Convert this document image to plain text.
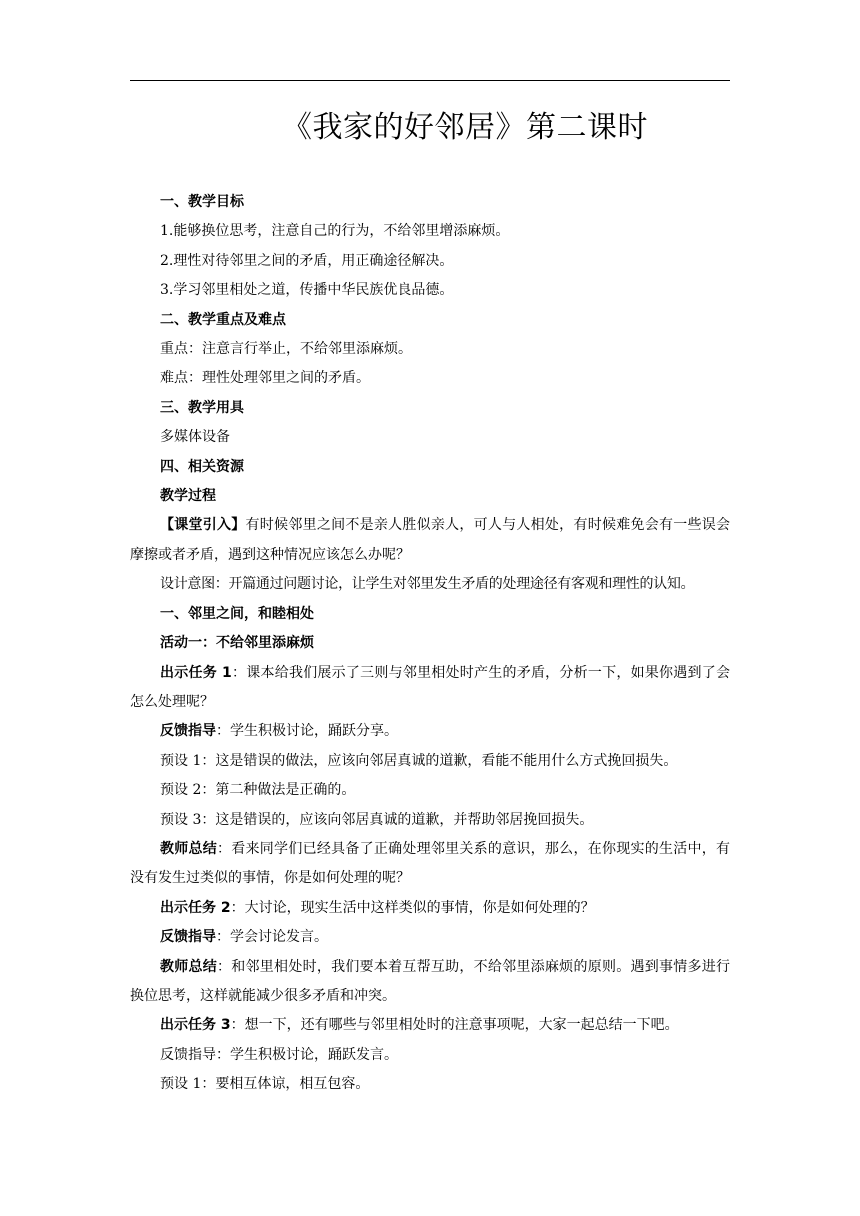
《我家的好邻居》第二课时

一、教学目标

1.能够换位思考，注意自己的行为，不给邻里增添麻烦。

2.理性对待邻里之间的矛盾，用正确途径解决。

3.学习邻里相处之道，传播中华民族优良品德。

二、教学重点及难点

重点：注意言行举止，不给邻里添麻烦。

难点：理性处理邻里之间的矛盾。

三、教学用具

多媒体设备

四、相关资源

教学过程

【课堂引入】有时候邻里之间不是亲人胜似亲人，可人与人相处，有时候难免会有一些误会摩擦或者矛盾，遇到这种情况应该怎么办呢？

设计意图：开篇通过问题讨论，让学生对邻里发生矛盾的处理途径有客观和理性的认知。

一、邻里之间，和睦相处

活动一：不给邻里添麻烦

出示任务 1：课本给我们展示了三则与邻里相处时产生的矛盾，分析一下，如果你遇到了会怎么处理呢？

反馈指导：学生积极讨论，踊跃分享。

预设 1：这是错误的做法，应该向邻居真诚的道歉，看能不能用什么方式挽回损失。

预设 2：第二种做法是正确的。

预设 3：这是错误的，应该向邻居真诚的道歉，并帮助邻居挽回损失。

教师总结：看来同学们已经具备了正确处理邻里关系的意识，那么，在你现实的生活中，有没有发生过类似的事情，你是如何处理的呢？

出示任务 2：大讨论，现实生活中这样类似的事情，你是如何处理的？

反馈指导：学会讨论发言。

教师总结：和邻里相处时，我们要本着互帮互助，不给邻里添麻烦的原则。遇到事情多进行换位思考，这样就能减少很多矛盾和冲突。

出示任务 3：想一下，还有哪些与邻里相处时的注意事项呢，大家一起总结一下吧。

反馈指导：学生积极讨论，踊跃发言。

预设 1：要相互体谅，相互包容。
